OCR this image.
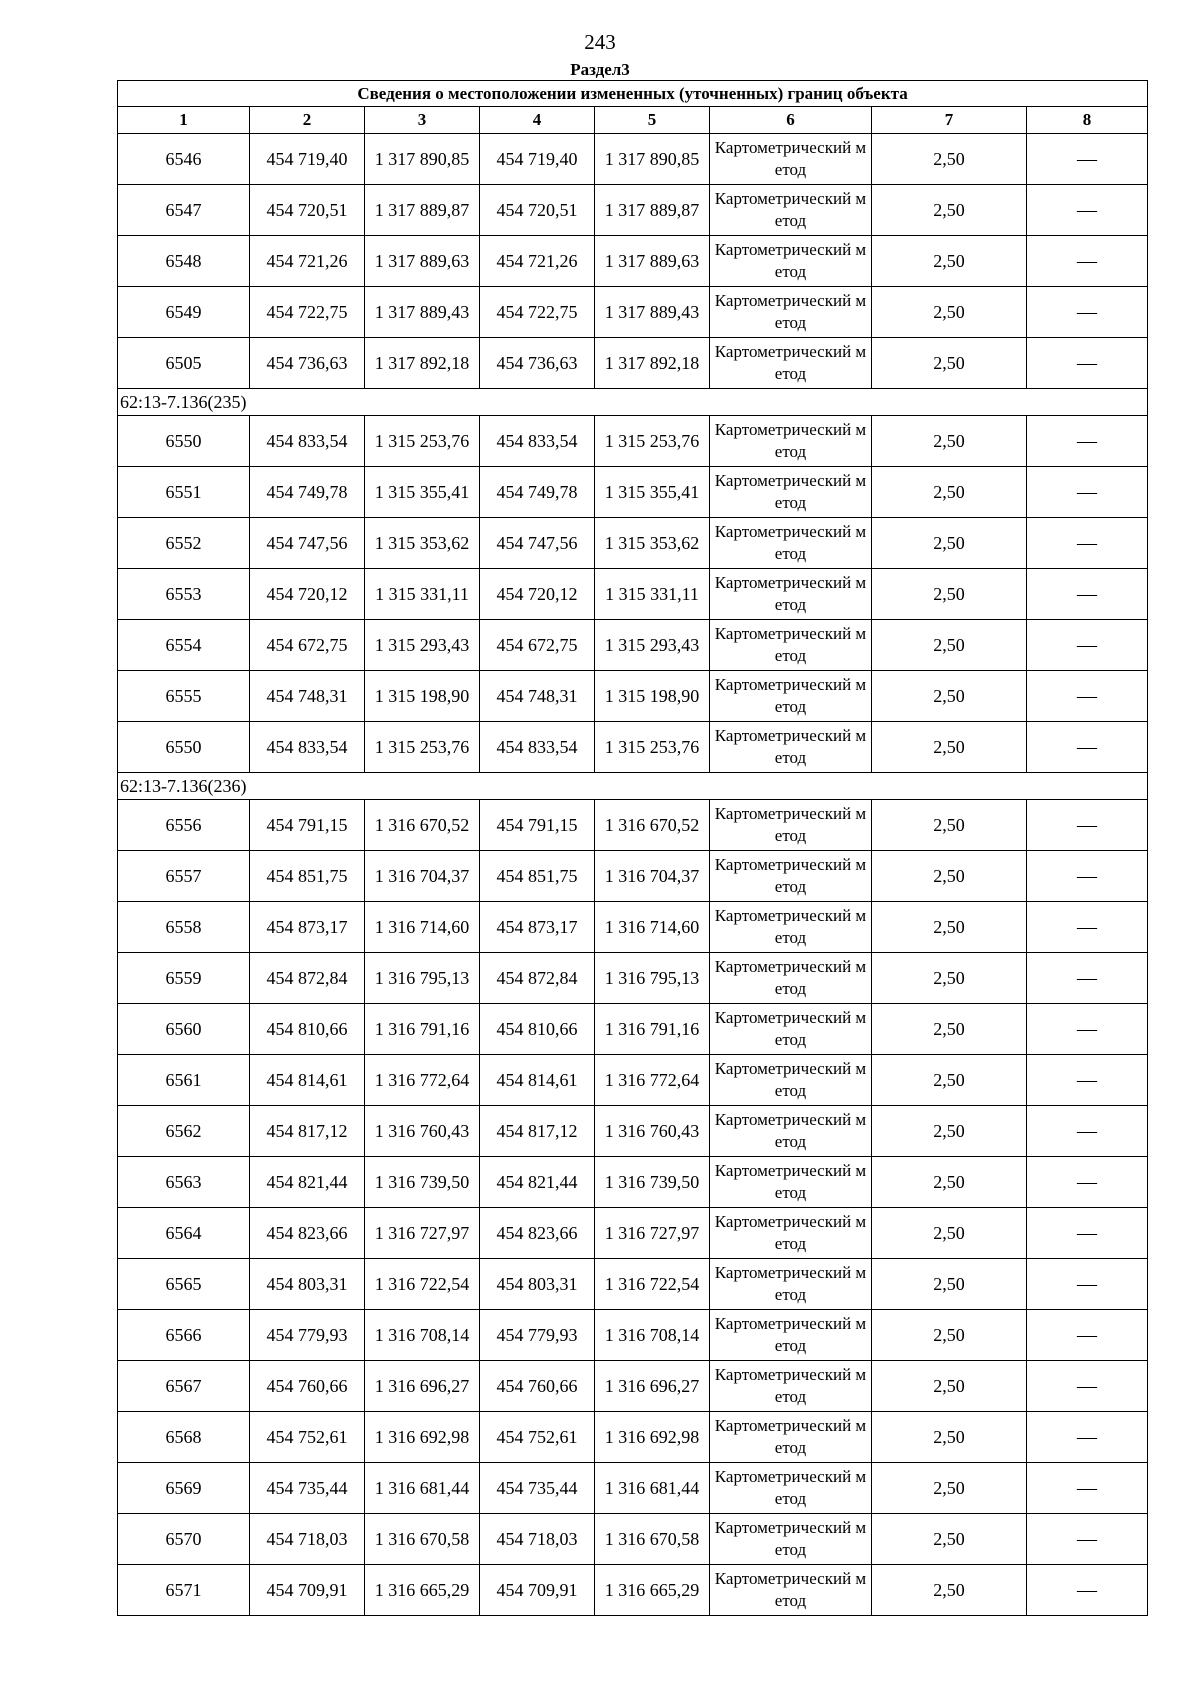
243
Раздел3
Сведения о местоположении измененных (уточненных) границ объекта							
1	2	3	4	5	6	7	8
6546	454 719,40	1 317 890,85	454 719,40	1 317 890,85	Картометрический метод	2,50	—
6547	454 720,51	1 317 889,87	454 720,51	1 317 889,87	Картометрический метод	2,50	—
6548	454 721,26	1 317 889,63	454 721,26	1 317 889,63	Картометрический метод	2,50	—
6549	454 722,75	1 317 889,43	454 722,75	1 317 889,43	Картометрический метод	2,50	—
6505	454 736,63	1 317 892,18	454 736,63	1 317 892,18	Картометрический метод	2,50	—
62:13-7.136(235)							
6550	454 833,54	1 315 253,76	454 833,54	1 315 253,76	Картометрический метод	2,50	—
6551	454 749,78	1 315 355,41	454 749,78	1 315 355,41	Картометрический метод	2,50	—
6552	454 747,56	1 315 353,62	454 747,56	1 315 353,62	Картометрический метод	2,50	—
6553	454 720,12	1 315 331,11	454 720,12	1 315 331,11	Картометрический метод	2,50	—
6554	454 672,75	1 315 293,43	454 672,75	1 315 293,43	Картометрический метод	2,50	—
6555	454 748,31	1 315 198,90	454 748,31	1 315 198,90	Картометрический метод	2,50	—
6550	454 833,54	1 315 253,76	454 833,54	1 315 253,76	Картометрический метод	2,50	—
62:13-7.136(236)							
6556	454 791,15	1 316 670,52	454 791,15	1 316 670,52	Картометрический метод	2,50	—
6557	454 851,75	1 316 704,37	454 851,75	1 316 704,37	Картометрический метод	2,50	—
6558	454 873,17	1 316 714,60	454 873,17	1 316 714,60	Картометрический метод	2,50	—
6559	454 872,84	1 316 795,13	454 872,84	1 316 795,13	Картометрический метод	2,50	—
6560	454 810,66	1 316 791,16	454 810,66	1 316 791,16	Картометрический метод	2,50	—
6561	454 814,61	1 316 772,64	454 814,61	1 316 772,64	Картометрический метод	2,50	—
6562	454 817,12	1 316 760,43	454 817,12	1 316 760,43	Картометрический метод	2,50	—
6563	454 821,44	1 316 739,50	454 821,44	1 316 739,50	Картометрический метод	2,50	—
6564	454 823,66	1 316 727,97	454 823,66	1 316 727,97	Картометрический метод	2,50	—
6565	454 803,31	1 316 722,54	454 803,31	1 316 722,54	Картометрический метод	2,50	—
6566	454 779,93	1 316 708,14	454 779,93	1 316 708,14	Картометрический метод	2,50	—
6567	454 760,66	1 316 696,27	454 760,66	1 316 696,27	Картометрический метод	2,50	—
6568	454 752,61	1 316 692,98	454 752,61	1 316 692,98	Картометрический метод	2,50	—
6569	454 735,44	1 316 681,44	454 735,44	1 316 681,44	Картометрический метод	2,50	—
6570	454 718,03	1 316 670,58	454 718,03	1 316 670,58	Картометрический метод	2,50	—
6571	454 709,91	1 316 665,29	454 709,91	1 316 665,29	Картометрический метод	2,50	—
